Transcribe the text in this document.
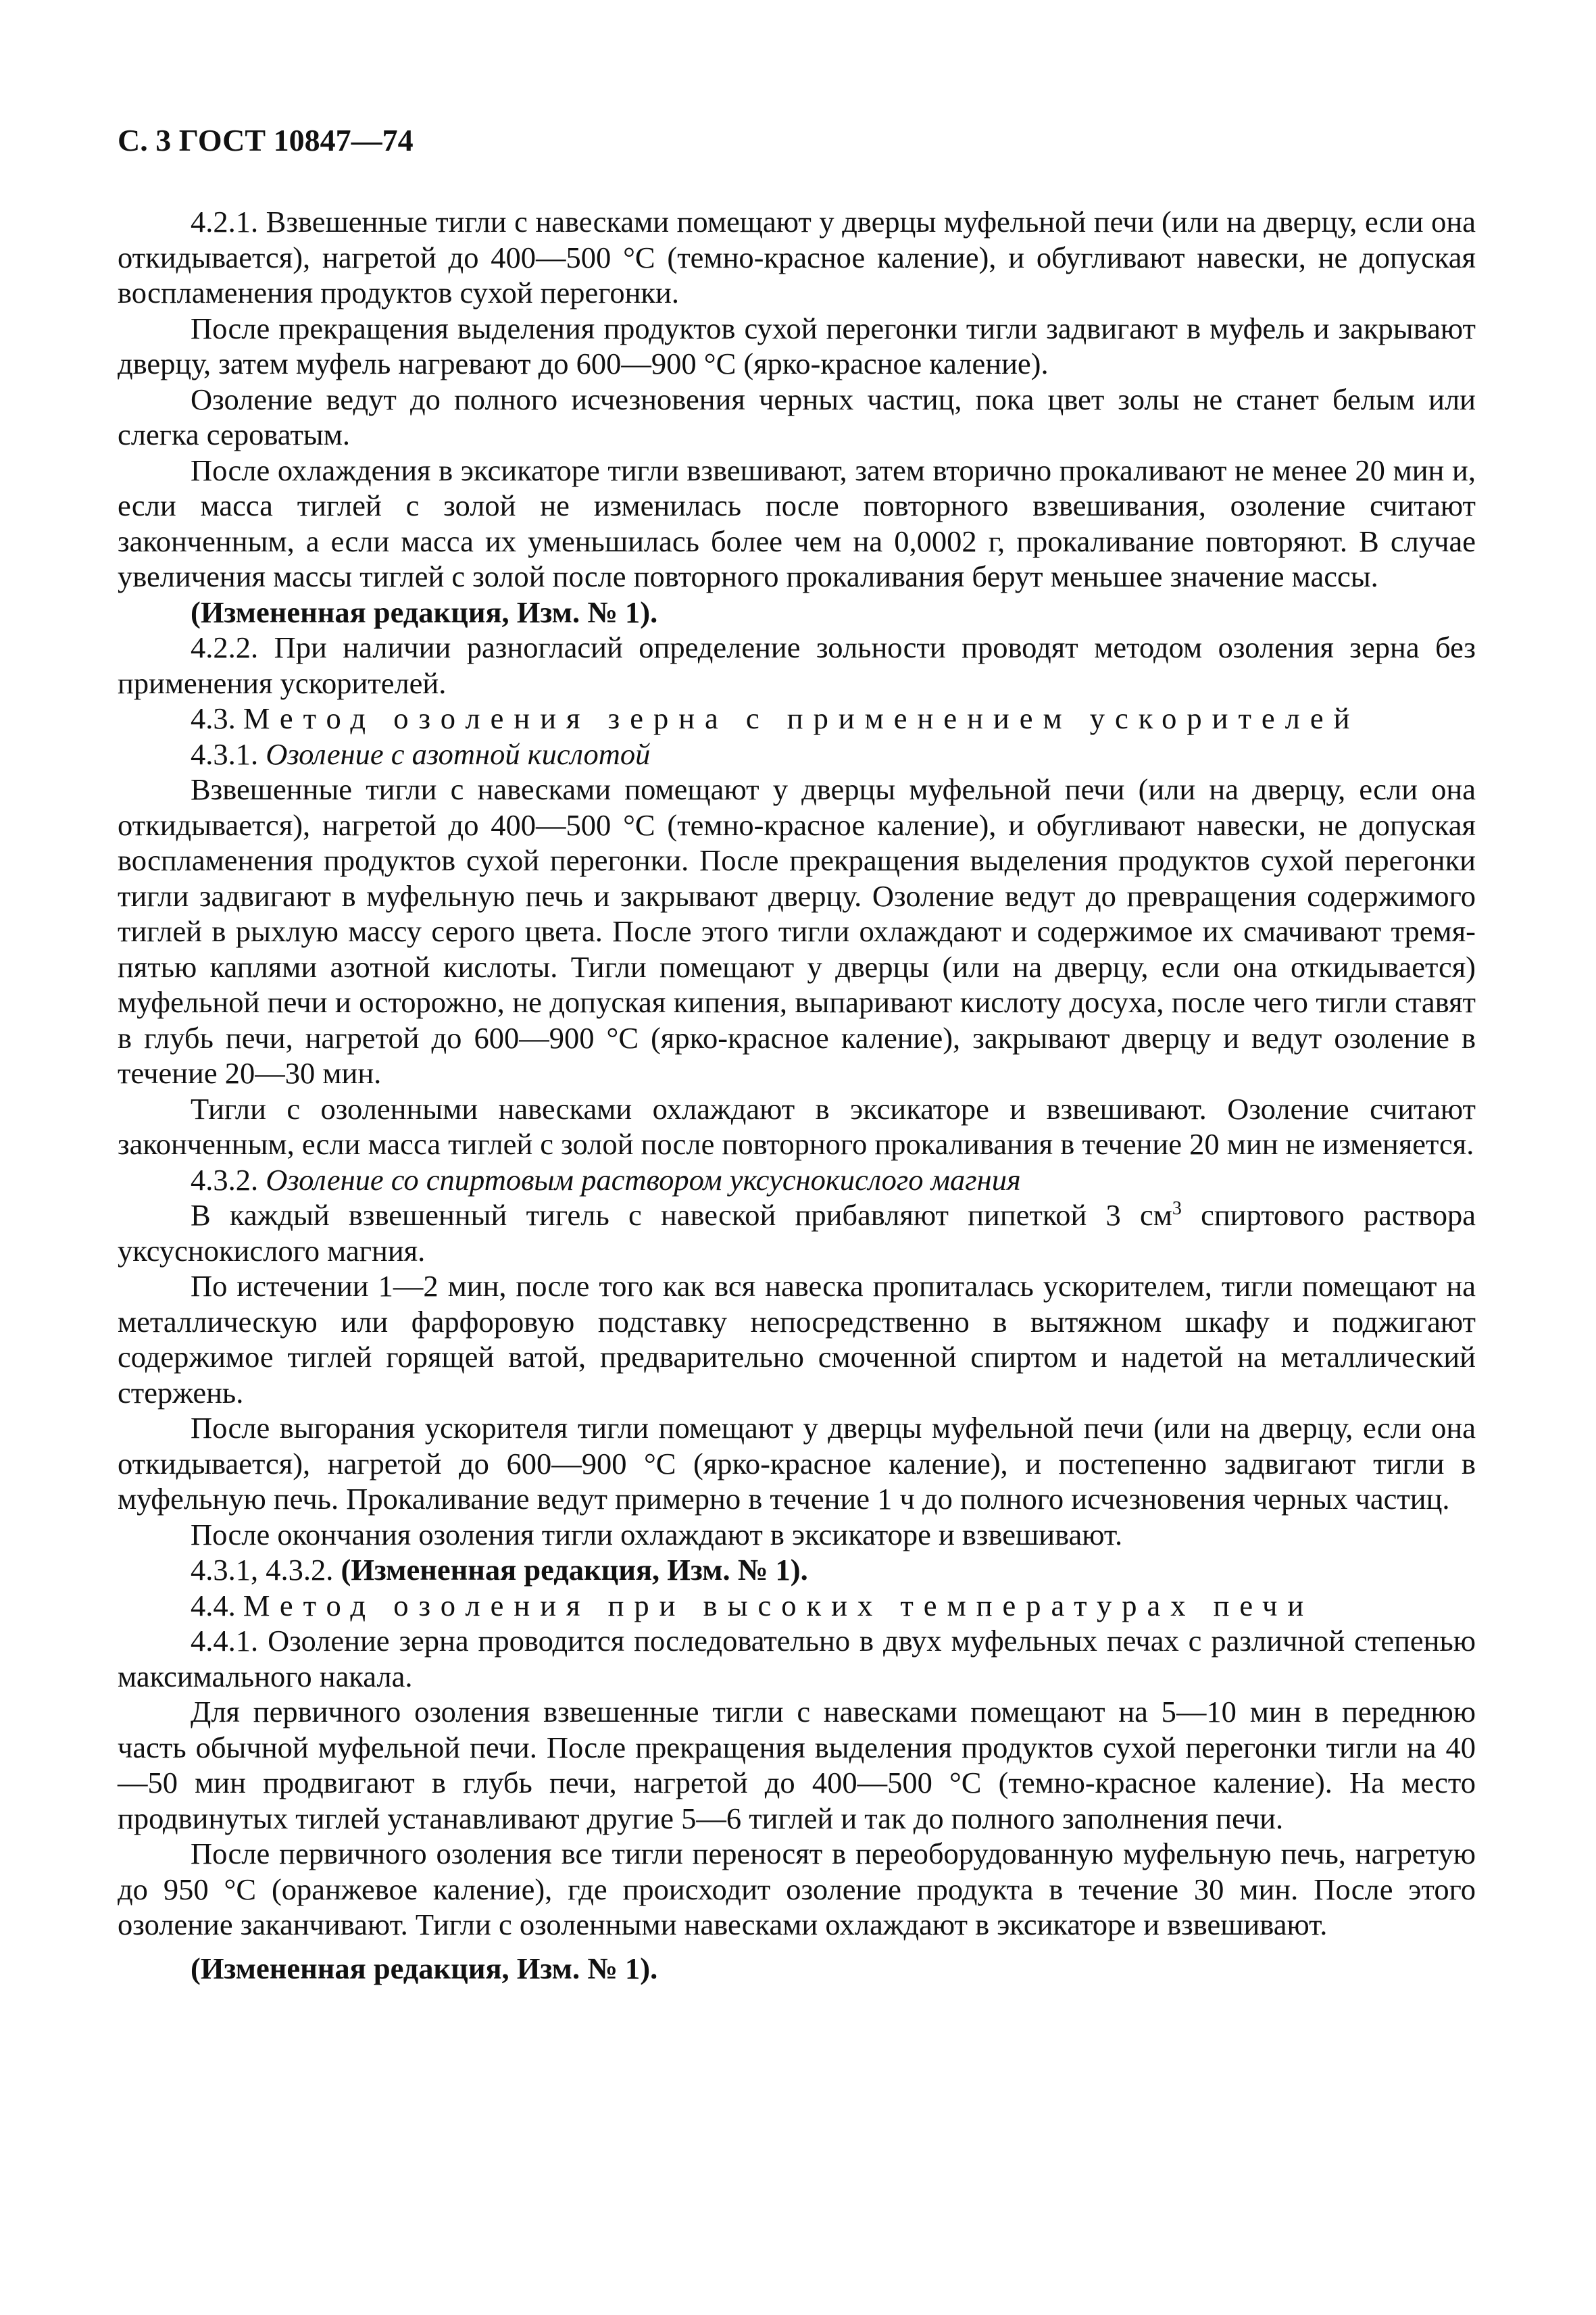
С. 3 ГОСТ 10847—74

4.2.1. Взвешенные тигли с навесками помещают у дверцы муфельной печи (или на дверцу, если она откидывается), нагретой до 400—500 °С (темно-красное каление), и обугливают навески, не допуская воспламенения продуктов сухой перегонки.

После прекращения выделения продуктов сухой перегонки тигли задвигают в муфель и закрывают дверцу, затем муфель нагревают до 600—900 °С (ярко-красное каление).

Озоление ведут до полного исчезновения черных частиц, пока цвет золы не станет белым или слегка сероватым.

После охлаждения в эксикаторе тигли взвешивают, затем вторично прокаливают не менее 20 мин и, если масса тиглей с золой не изменилась после повторного взвешивания, озоление считают законченным, а если масса их уменьшилась более чем на 0,0002 г, прокаливание повторяют. В случае увеличения массы тиглей с золой после повторного прокаливания берут меньшее значение массы.

(Измененная редакция, Изм. № 1).

4.2.2. При наличии разногласий определение зольности проводят методом озоления зерна без применения ускорителей.

4.3. Метод озоления зерна с применением ускорителей

4.3.1. Озоление с азотной кислотой

Взвешенные тигли с навесками помещают у дверцы муфельной печи (или на дверцу, если она откидывается), нагретой до 400—500 °С (темно-красное каление), и обугливают навески, не допуская воспламенения продуктов сухой перегонки. После прекращения выделения продуктов сухой перегонки тигли задвигают в муфельную печь и закрывают дверцу. Озоление ведут до превращения содержимого тиглей в рыхлую массу серого цвета. После этого тигли охлаждают и содержимое их смачивают тремя-пятью каплями азотной кислоты. Тигли помещают у дверцы (или на дверцу, если она откидывается) муфельной печи и осторожно, не допуская кипения, выпаривают кислоту досуха, после чего тигли ставят в глубь печи, нагретой до 600—900 °С (ярко-красное каление), закрывают дверцу и ведут озоление в течение 20—30 мин.

Тигли с озоленными навесками охлаждают в эксикаторе и взвешивают. Озоление считают законченным, если масса тиглей с золой после повторного прокаливания в течение 20 мин не изменяется.

4.3.2. Озоление со спиртовым раствором уксуснокислого магния

В каждый взвешенный тигель с навеской прибавляют пипеткой 3 $см^3$ спиртового раствора уксуснокислого магния.

По истечении 1—2 мин, после того как вся навеска пропиталась ускорителем, тигли помещают на металлическую или фарфоровую подставку непосредственно в вытяжном шкафу и поджигают содержимое тиглей горящей ватой, предварительно смоченной спиртом и надетой на металлический стержень.

После выгорания ускорителя тигли помещают у дверцы муфельной печи (или на дверцу, если она откидывается), нагретой до 600—900 °С (ярко-красное каление), и постепенно задвигают тигли в муфельную печь. Прокаливание ведут примерно в течение 1 ч до полного исчезновения черных частиц.

После окончания озоления тигли охлаждают в эксикаторе и взвешивают.

4.3.1, 4.3.2. (Измененная редакция, Изм. № 1).

4.4. Метод озоления при высоких температурах печи

4.4.1. Озоление зерна проводится последовательно в двух муфельных печах с различной степенью максимального накала.

Для первичного озоления взвешенные тигли с навесками помещают на 5—10 мин в переднюю часть обычной муфельной печи. После прекращения выделения продуктов сухой перегонки тигли на 40—50 мин продвигают в глубь печи, нагретой до 400—500 °С (темно-красное каление). На место продвинутых тиглей устанавливают другие 5—6 тиглей и так до полного заполнения печи.

После первичного озоления все тигли переносят в переоборудованную муфельную печь, нагретую до 950 °С (оранжевое каление), где происходит озоление продукта в течение 30 мин. После этого озоление заканчивают. Тигли с озоленными навесками охлаждают в эксикаторе и взвешивают.

(Измененная редакция, Изм. № 1).
